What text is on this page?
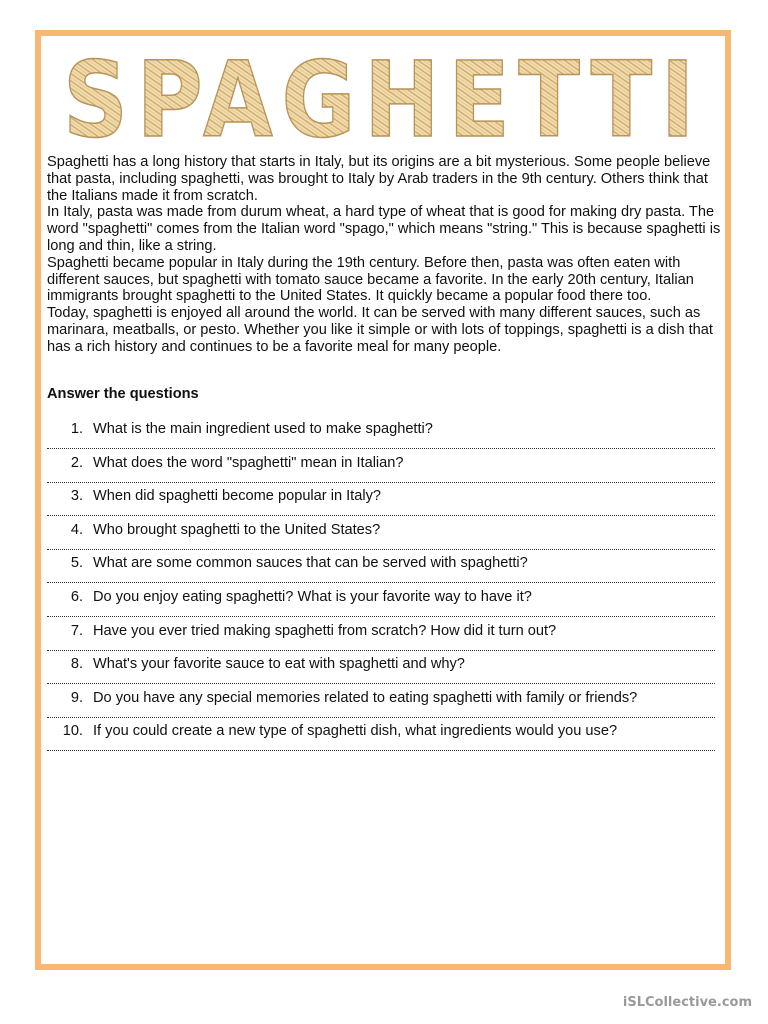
SPAGHETTI

Spaghetti has a long history that starts in Italy, but its origins are a bit mysterious. Some people believe that pasta, including spaghetti, was brought to Italy by Arab traders in the 9th century. Others think that the Italians made it from scratch.

In Italy, pasta was made from durum wheat, a hard type of wheat that is good for making dry pasta. The word "spaghetti" comes from the Italian word "spago," which means "string." This is because spaghetti is long and thin, like a string.

Spaghetti became popular in Italy during the 19th century. Before then, pasta was often eaten with different sauces, but spaghetti with tomato sauce became a favorite. In the early 20th century, Italian immigrants brought spaghetti to the United States. It quickly became a popular food there too.

Today, spaghetti is enjoyed all around the world. It can be served with many different sauces, such as marinara, meatballs, or pesto. Whether you like it simple or with lots of toppings, spaghetti is a dish that has a rich history and continues to be a favorite meal for many people.

Answer the questions
1. What is the main ingredient used to make spaghetti?
2. What does the word "spaghetti" mean in Italian?
3. When did spaghetti become popular in Italy?
4. Who brought spaghetti to the United States?
5. What are some common sauces that can be served with spaghetti?
6. Do you enjoy eating spaghetti? What is your favorite way to have it?
7. Have you ever tried making spaghetti from scratch? How did it turn out?
8. What's your favorite sauce to eat with spaghetti and why?
9. Do you have any special memories related to eating spaghetti with family or friends?
10. If you could create a new type of spaghetti dish, what ingredients would you use?
iSLCollective.com
